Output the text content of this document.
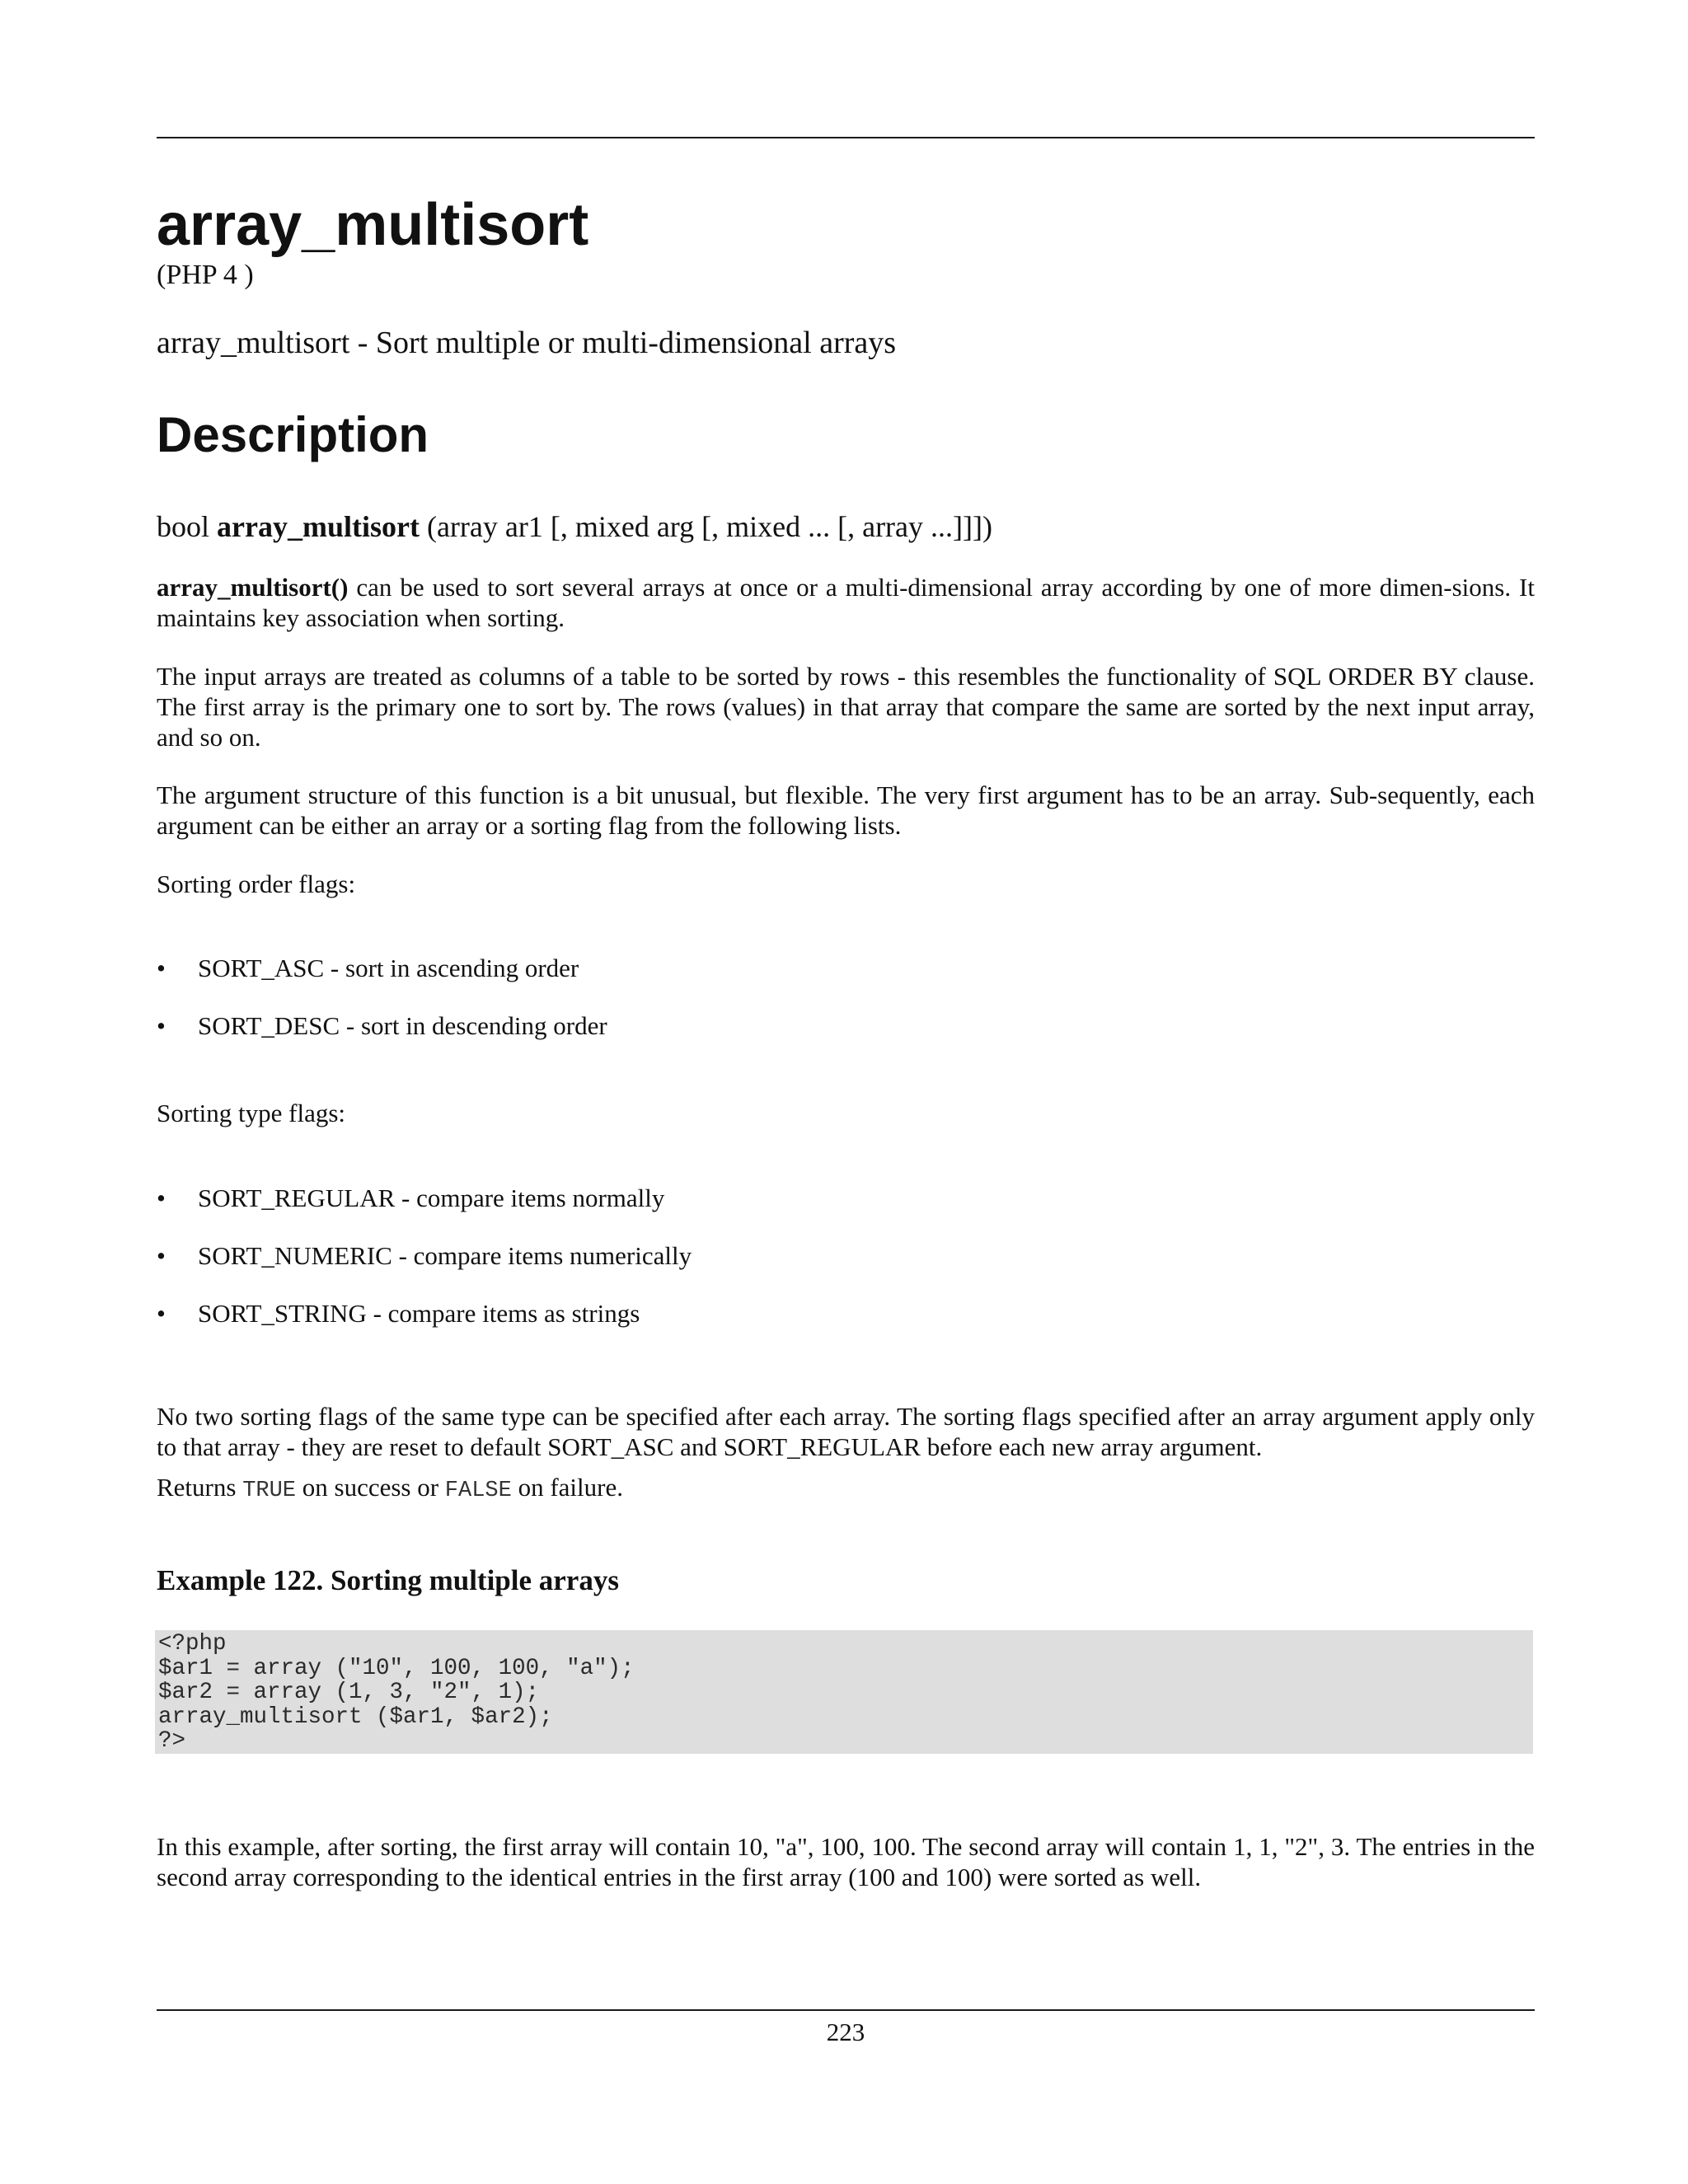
array_multisort
(PHP 4 )
array_multisort - Sort multiple or multi-dimensional arrays
Description
bool array_multisort (array ar1 [, mixed arg [, mixed ... [, array ...]]])

array_multisort() can be used to sort several arrays at once or a multi-dimensional array according by one of more dimen-sions. It maintains key association when sorting.

The input arrays are treated as columns of a table to be sorted by rows - this resembles the functionality of SQL ORDER BY clause. The first array is the primary one to sort by. The rows (values) in that array that compare the same are sorted by the next input array, and so on.

The argument structure of this function is a bit unusual, but flexible. The very first argument has to be an array. Sub-sequently, each argument can be either an array or a sorting flag from the following lists.

Sorting order flags:

• SORT_ASC - sort in ascending order
• SORT_DESC - sort in descending order

Sorting type flags:

• SORT_REGULAR - compare items normally
• SORT_NUMERIC - compare items numerically
• SORT_STRING - compare items as strings

No two sorting flags of the same type can be specified after each array. The sorting flags specified after an array argument apply only to that array - they are reset to default SORT_ASC and SORT_REGULAR before each new array argument.

Returns TRUE on success or FALSE on failure.

Example 122. Sorting multiple arrays
<?php
$ar1 = array ("10", 100, 100, "a");
$ar2 = array (1, 3, "2", 1);
array_multisort ($ar1, $ar2);
?>

In this example, after sorting, the first array will contain 10, "a", 100, 100. The second array will contain 1, 1, "2", 3. The entries in the second array corresponding to the identical entries in the first array (100 and 100) were sorted as well.

223
